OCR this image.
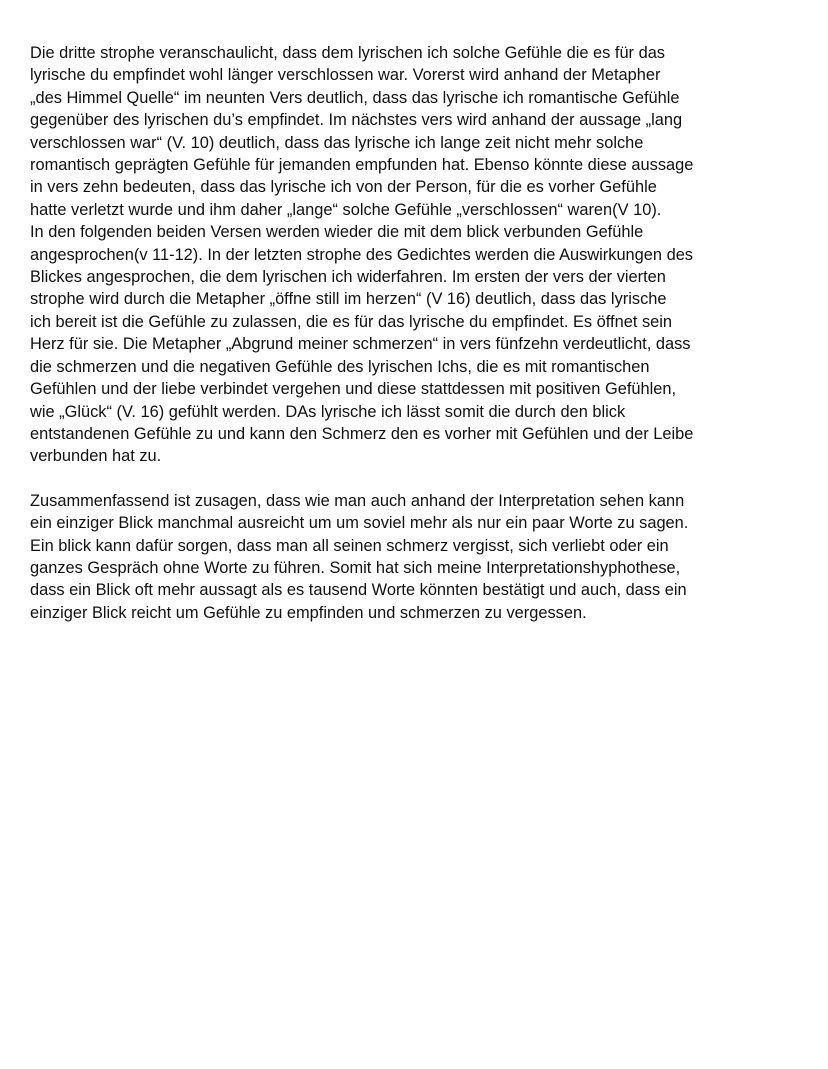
Die dritte strophe veranschaulicht, dass dem lyrischen ich solche Gefühle die es für das
lyrische du empfindet wohl länger verschlossen war. Vorerst wird anhand der Metapher
„des Himmel Quelle“ im neunten Vers deutlich, dass das lyrische ich romantische Gefühle
gegenüber des lyrischen du’s empfindet. Im nächstes vers wird anhand der aussage „lang
verschlossen war“ (V. 10) deutlich, dass das lyrische ich lange zeit nicht mehr solche
romantisch geprägten Gefühle für jemanden empfunden hat. Ebenso könnte diese aussage
in vers zehn bedeuten, dass das lyrische ich von der Person, für die es vorher Gefühle
hatte verletzt wurde und ihm daher „lange“ solche Gefühle „verschlossen“ waren(V 10).
In den folgenden beiden Versen werden wieder die mit dem blick verbunden Gefühle
angesprochen(v 11-12). In der letzten strophe des Gedichtes werden die Auswirkungen des
Blickes angesprochen, die dem lyrischen ich widerfahren. Im ersten der vers der vierten
strophe wird durch die Metapher „öffne still im herzen“ (V 16) deutlich, dass das lyrische
ich bereit ist die Gefühle zu zulassen, die es für das lyrische du empfindet. Es öffnet sein
Herz für sie. Die Metapher „Abgrund meiner schmerzen“ in vers fünfzehn verdeutlicht, dass
die schmerzen und die negativen Gefühle des lyrischen Ichs, die es mit romantischen
Gefühlen und der liebe verbindet vergehen und diese stattdessen mit positiven Gefühlen,
wie „Glück“ (V. 16) gefühlt werden. DAs lyrische ich lässt somit die durch den blick
entstandenen Gefühle zu und kann den Schmerz den es vorher mit Gefühlen und der Leibe
verbunden hat zu.

Zusammenfassend ist zusagen, dass wie man auch anhand der Interpretation sehen kann
ein einziger Blick manchmal ausreicht um um soviel mehr als nur ein paar Worte zu sagen.
Ein blick kann dafür sorgen, dass man all seinen schmerz vergisst, sich verliebt oder ein
ganzes Gespräch ohne Worte zu führen. Somit hat sich meine Interpretationshyphothese,
dass ein Blick oft mehr aussagt als es tausend Worte könnten bestätigt und auch, dass ein
einziger Blick reicht um Gefühle zu empfinden und schmerzen zu vergessen.
